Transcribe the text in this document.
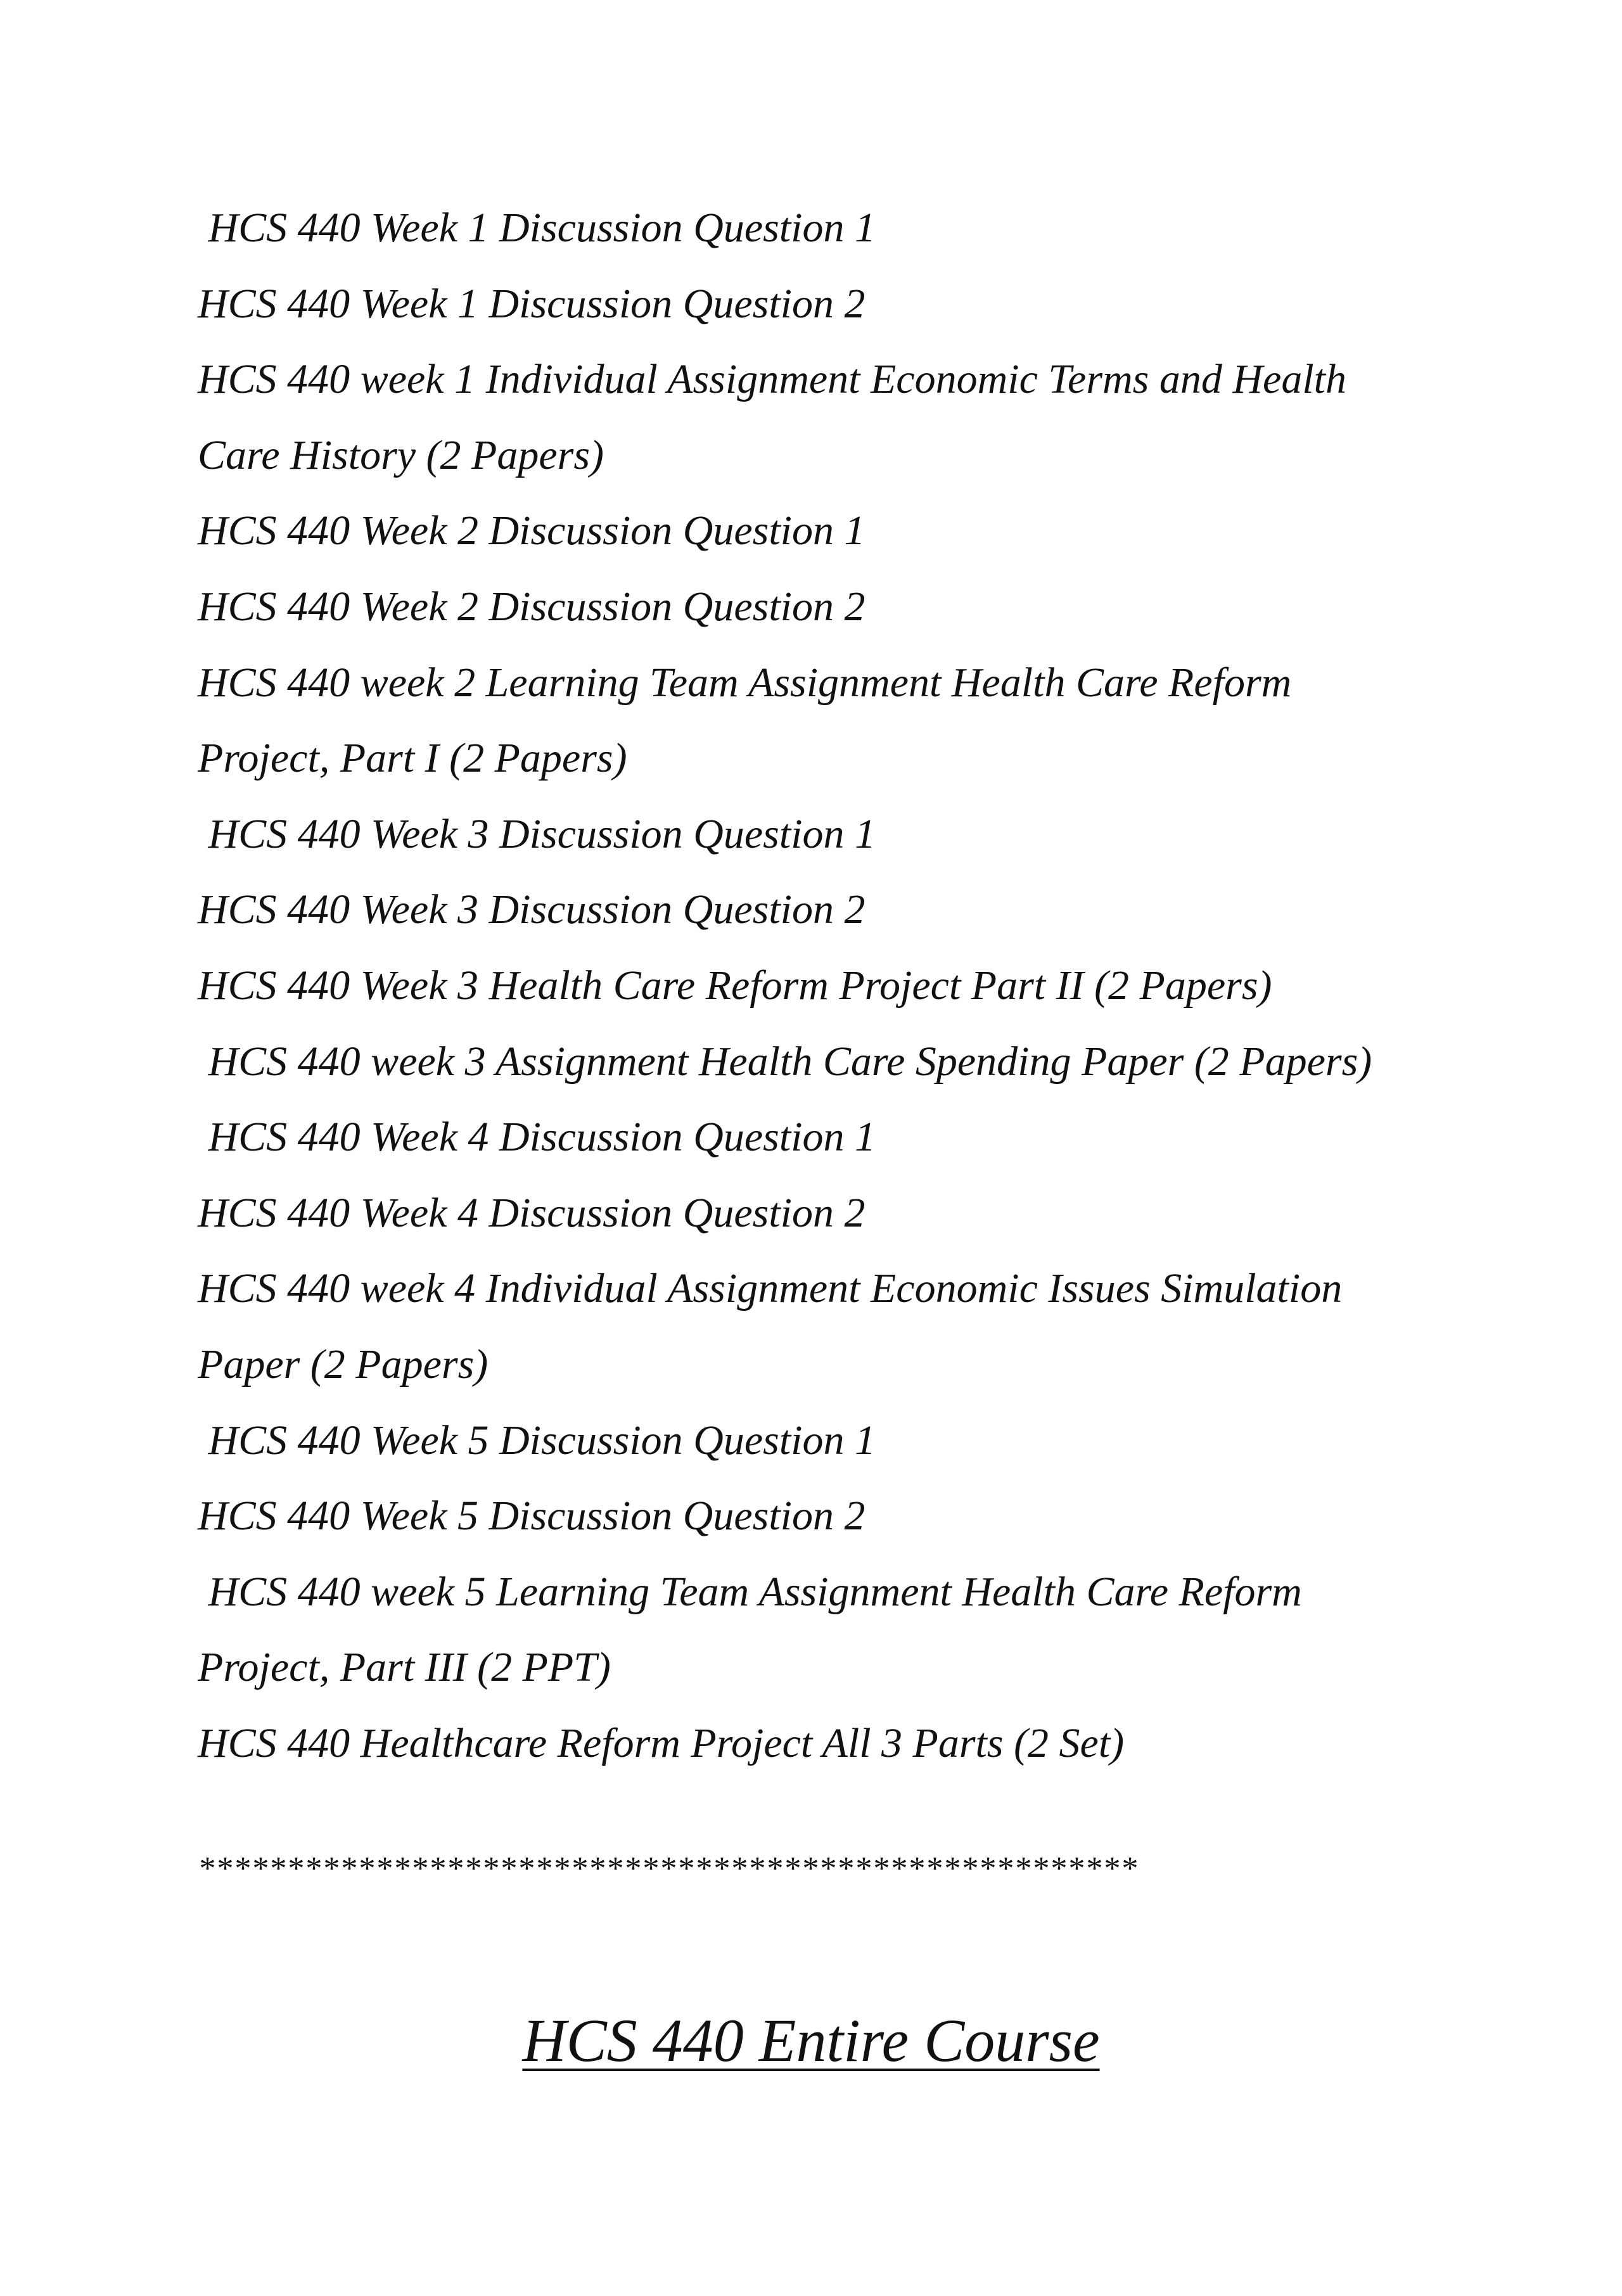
HCS 440 Week 1 Discussion Question 1

HCS 440 Week 1 Discussion Question 2

HCS 440 week 1 Individual Assignment Economic Terms and Health

Care History (2 Papers)

HCS 440 Week 2 Discussion Question 1

HCS 440 Week 2 Discussion Question 2

HCS 440 week 2 Learning Team Assignment Health Care Reform

Project, Part I (2 Papers)

HCS 440 Week 3 Discussion Question 1

HCS 440 Week 3 Discussion Question 2

HCS 440 Week 3 Health Care Reform Project Part II (2 Papers)

HCS 440 week 3 Assignment Health Care Spending Paper (2 Papers)

HCS 440 Week 4 Discussion Question 1

HCS 440 Week 4 Discussion Question 2

HCS 440 week 4 Individual Assignment Economic Issues Simulation

Paper (2 Papers)

HCS 440 Week 5 Discussion Question 1

HCS 440 Week 5 Discussion Question 2

HCS 440 week 5 Learning Team Assignment Health Care Reform

Project, Part III (2 PPT)

HCS 440 Healthcare Reform Project All 3 Parts (2 Set)

*****************************************************
HCS 440 Entire Course
